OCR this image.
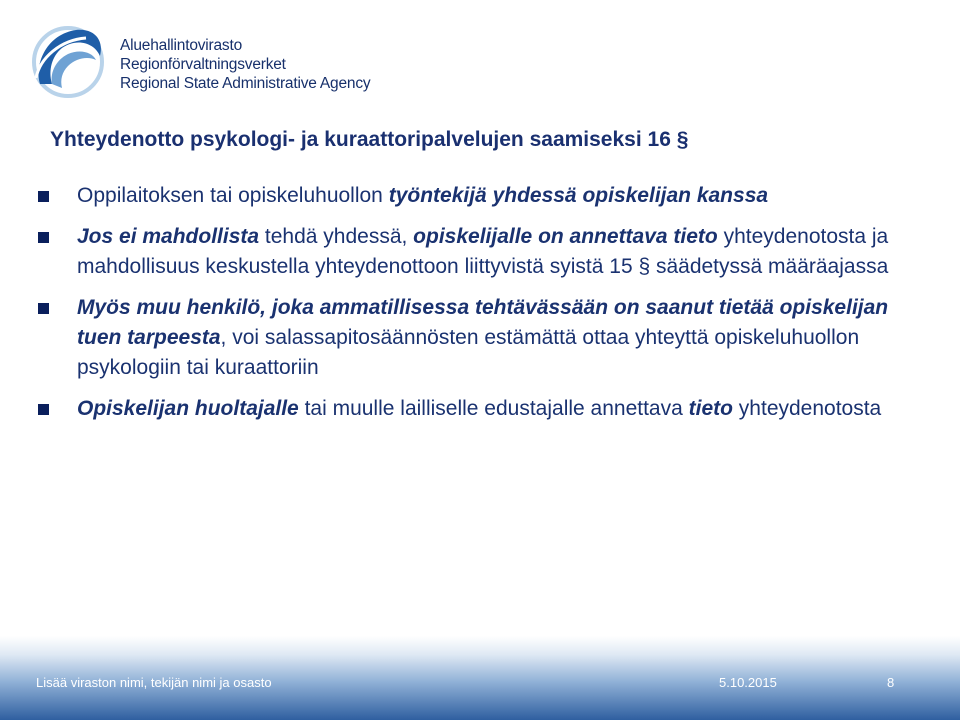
Aluehallintovirasto
Regionförvaltningsverket
Regional State Administrative Agency
Yhteydenotto psykologi- ja kuraattoripalvelujen saamiseksi 16 §
Oppilaitoksen tai opiskeluhuollon työntekijä yhdessä opiskelijan kanssa
Jos ei mahdollista tehdä yhdessä, opiskelijalle on annettava tieto yhteydenotosta ja mahdollisuus keskustella yhteydenottoon liittyvistä syistä 15 § säädetyssä määräajassa
Myös muu henkilö, joka ammatillisessa tehtävässään on saanut tietää opiskelijan tuen tarpeesta, voi salassapitosäännösten estämättä ottaa yhteyttä opiskeluhuollon psykologiin tai kuraattoriin
Opiskelijan huoltajalle tai muulle lailliselle edustajalle annettava tieto yhteydenotosta
Lisää viraston nimi, tekijän nimi ja osasto	5.10.2015	8
